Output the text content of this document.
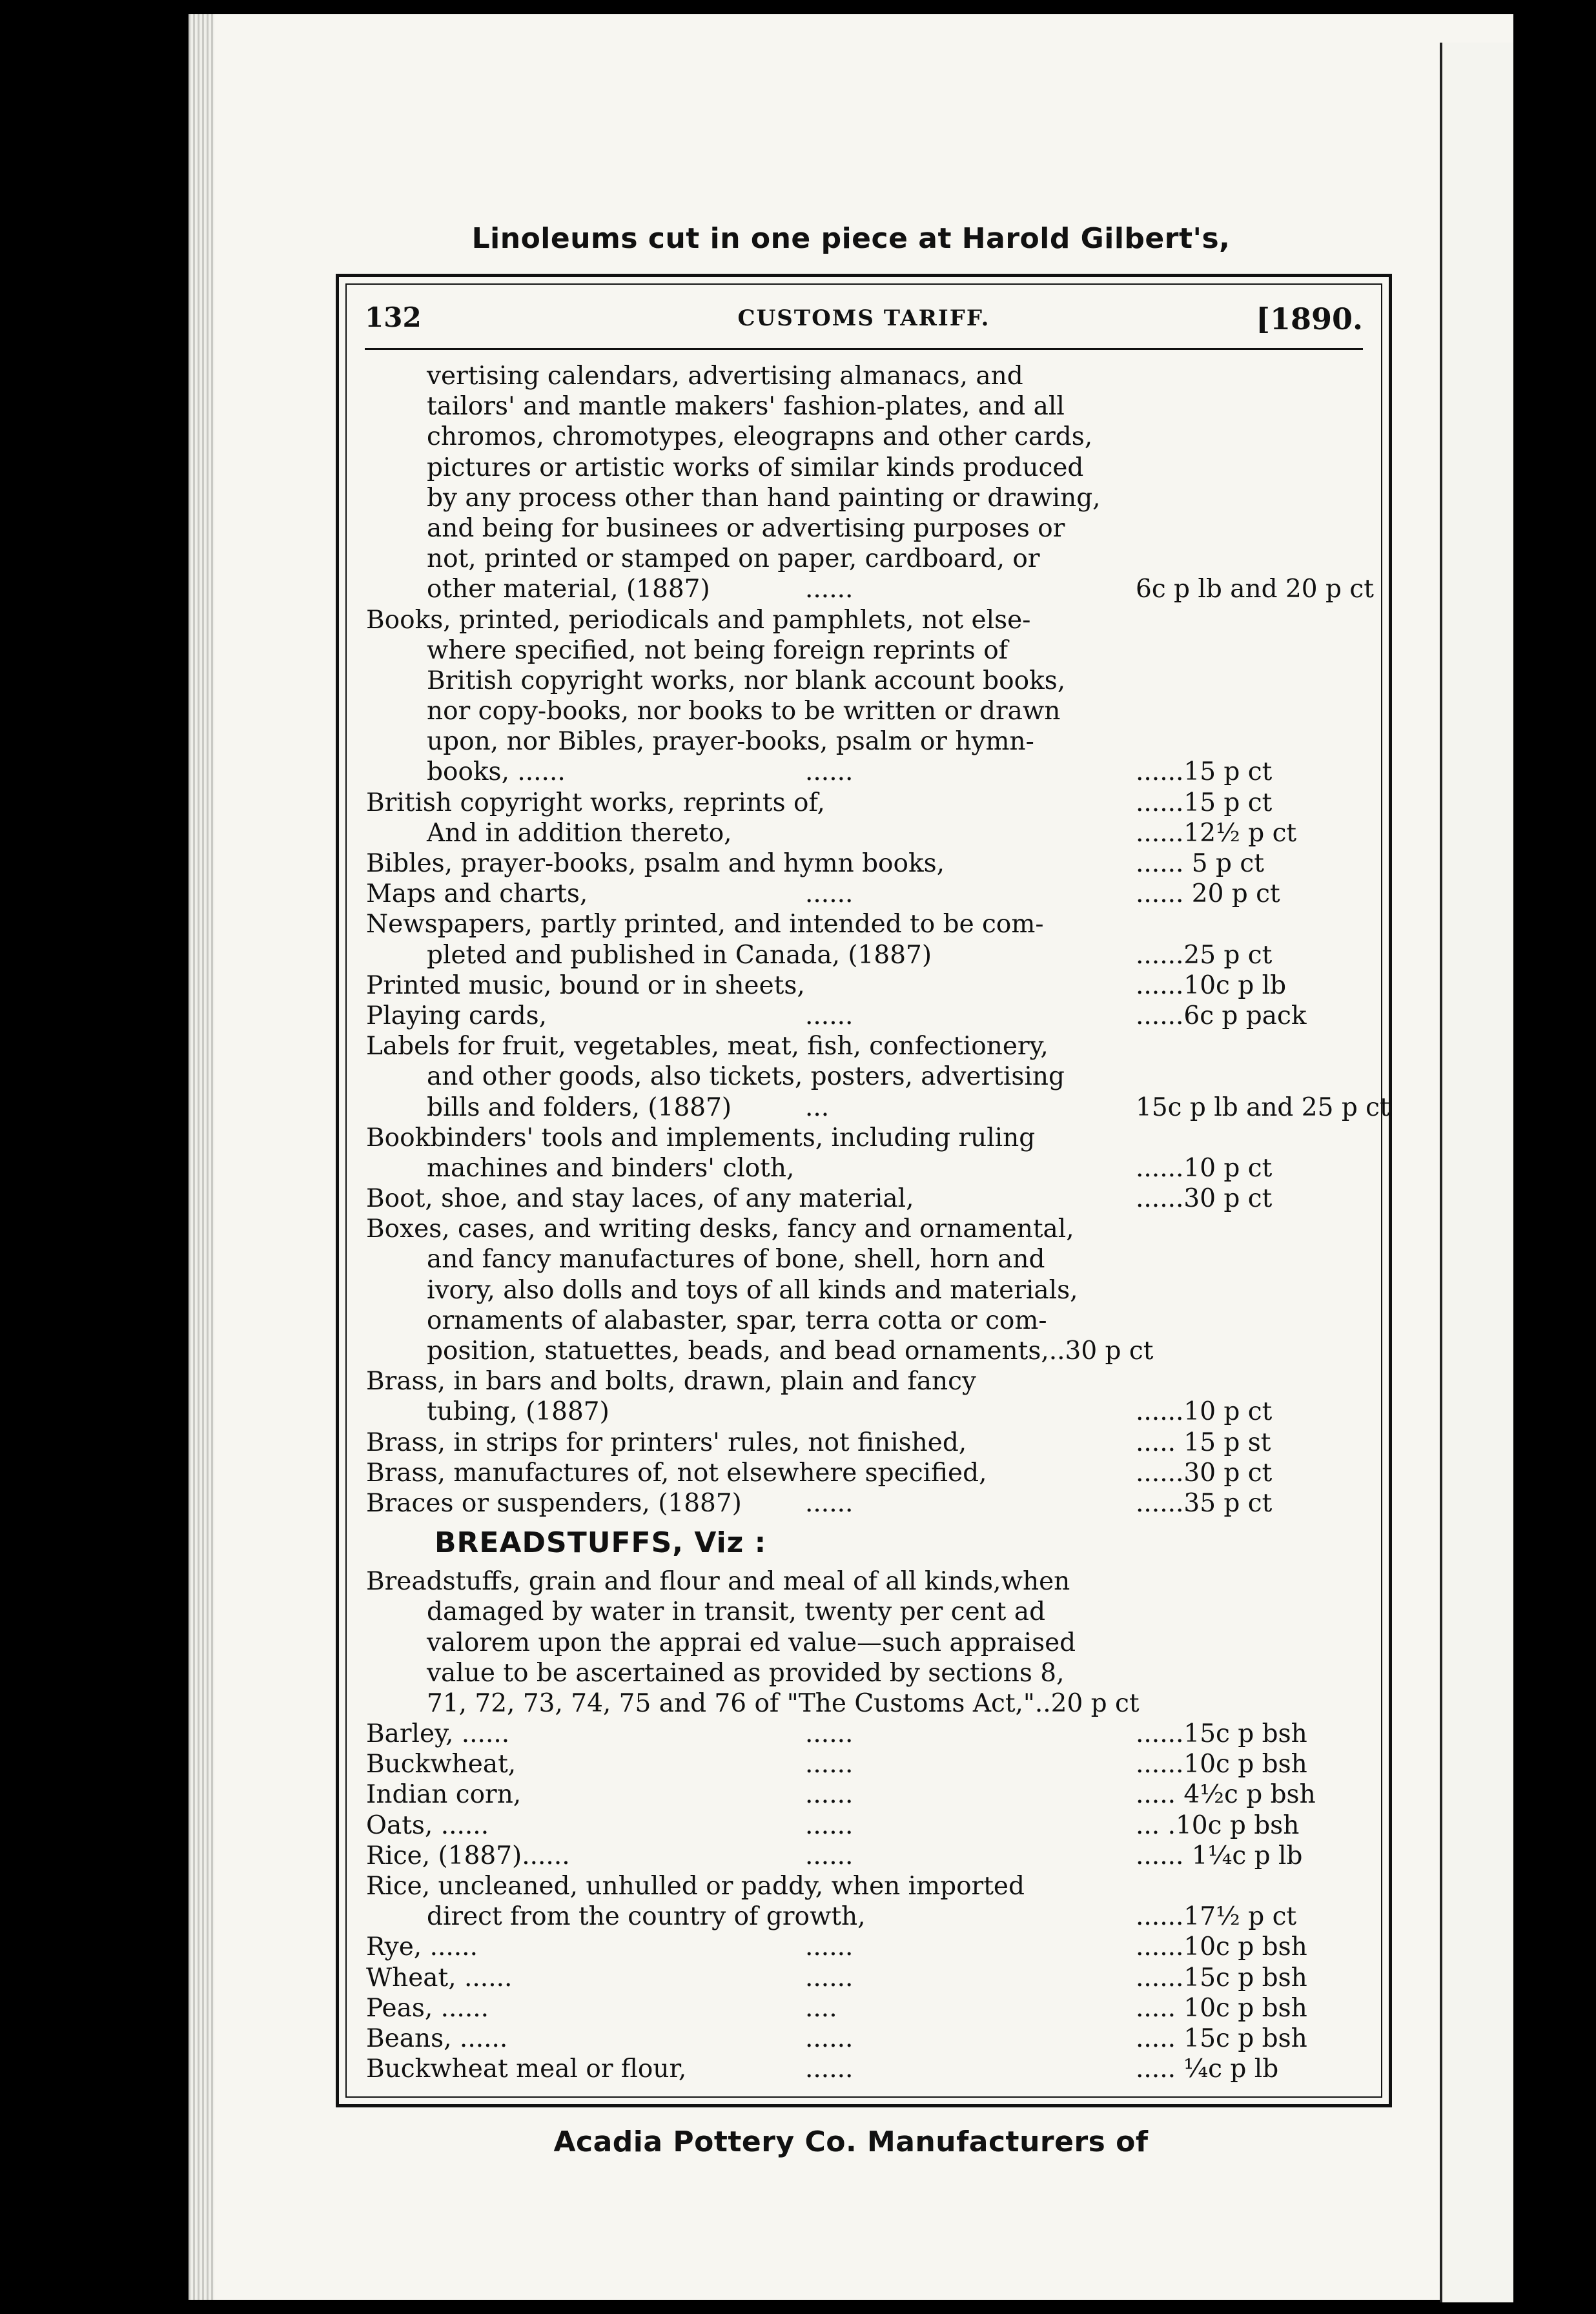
Linoleums cut in one piece at Harold Gilbert's,
132	CUSTOMS TARIFF.	[1890.
vertising calendars, advertising almanacs, and
tailors' and mantle makers' fashion-plates, and all
chromos, chromotypes, eleograpns and other cards,
pictures or artistic works of similar kinds produced
by any process other than hand painting or drawing,
and being for businees or advertising purposes or
not, printed or stamped on paper, cardboard, or
other material, (1887)	......	6c p lb and 20 p ct
Books, printed, periodicals and pamphlets, not else-
where specified, not being foreign reprints of
British copyright works, nor blank account books,
nor copy-books, nor books to be written or drawn
upon, nor Bibles, prayer-books, psalm or hymn-
books, ......	......	......15 p ct
British copyright works, reprints of,	......15 p ct
And in addition thereto,	......12½ p ct
Bibles, prayer-books, psalm and hymn books,	...... 5 p ct
Maps and charts,	......	...... 20 p ct
Newspapers, partly printed, and intended to be com-
pleted and published in Canada, (1887)	......25 p ct
Printed music, bound or in sheets,	......10c p lb
Playing cards,	......	......6c p pack
Labels for fruit, vegetables, meat, fish, confectionery,
and other goods, also tickets, posters, advertising
bills and folders, (1887)	...	15c p lb and 25 p ct
Bookbinders' tools and implements, including ruling
machines and binders' cloth,	......10 p ct
Boot, shoe, and stay laces, of any material,	......30 p ct
Boxes, cases, and writing desks, fancy and ornamental,
and fancy manufactures of bone, shell, horn and
ivory, also dolls and toys of all kinds and materials,
ornaments of alabaster, spar, terra cotta or com-
position, statuettes, beads, and bead ornaments,..30 p ct
Brass, in bars and bolts, drawn, plain and fancy
tubing, (1887)	......10 p ct
Brass, in strips for printers' rules, not finished,	..... 15 p st
Brass, manufactures of, not elsewhere specified,	......30 p ct
Braces or suspenders, (1887)	......	......35 p ct
BREADSTUFFS, Viz :
Breadstuffs, grain and flour and meal of all kinds,when
damaged by water in transit, twenty per cent ad
valorem upon the apprai ed value—such appraised
value to be ascertained as provided by sections 8,
71, 72, 73, 74, 75 and 76 of "The Customs Act,"..20 p ct
Barley, ......	......	......15c p bsh
Buckwheat,	......	......10c p bsh
Indian corn,	......	..... 4½c p bsh
Oats, ......	......	... .10c p bsh
Rice, (1887)......	......	...... 1¼c p lb
Rice, uncleaned, unhulled or paddy, when imported
direct from the country of growth,	......17½ p ct
Rye, ......	......	......10c p bsh
Wheat, ......	......	......15c p bsh
Peas, ......	....	..... 10c p bsh
Beans, ......	......	..... 15c p bsh
Buckwheat meal or flour,	......	..... ¼c p lb
Acadia Pottery Co. Manufacturers of
